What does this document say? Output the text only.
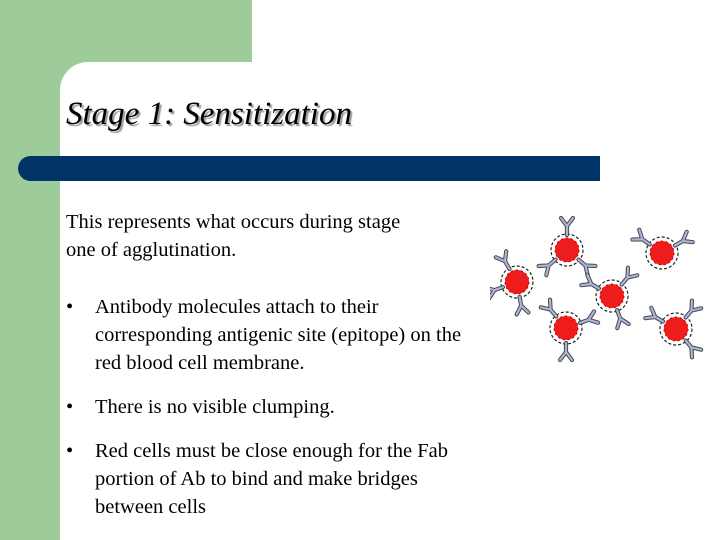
Stage 1: Sensitization
This represents what occurs during stage one of agglutination.
•	Antibody molecules attach to their corresponding antigenic site (epitope) on the red blood cell membrane.
•	There is no visible clumping.
•	Red cells must be close enough for the Fab portion of Ab to bind and make bridges between cells
